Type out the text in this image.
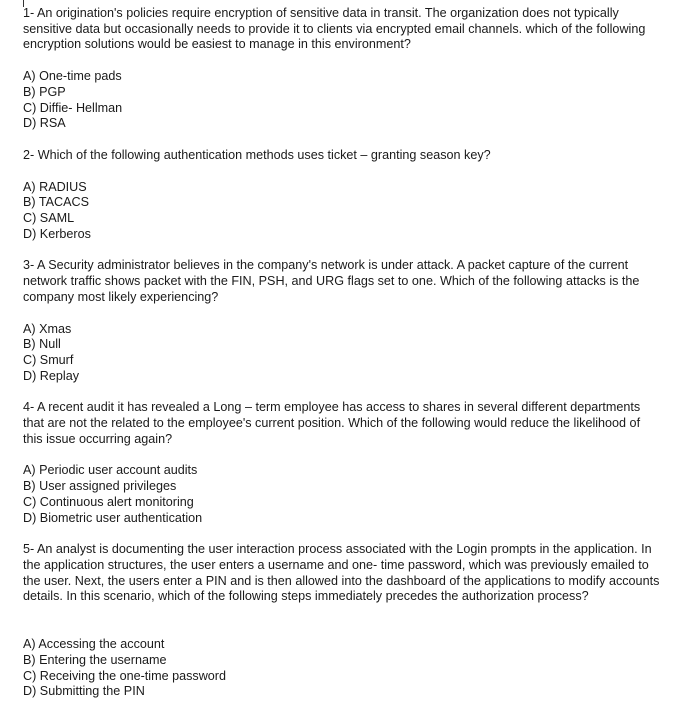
1- An origination's policies require encryption of sensitive data in transit. The organization does not typically sensitive data but occasionally needs to provide it to clients via encrypted email channels. which of the following encryption solutions would be easiest to manage in this environment?

A) One-time pads
B) PGP
C) Diffie- Hellman
D) RSA

2- Which of the following authentication methods uses ticket – granting season key?

A) RADIUS
B) TACACS
C) SAML
D) Kerberos

3- A Security administrator believes in the company's network is under attack. A packet capture of the current network traffic shows packet with the FIN, PSH, and URG flags set to one. Which of the following attacks is the company most likely experiencing?

A) Xmas
B) Null
C) Smurf
D) Replay

4- A recent audit it has revealed a Long – term employee has access to shares in several different departments that are not the related to the employee's current position. Which of the following would reduce the likelihood of this issue occurring again?

A) Periodic user account audits
B) User assigned privileges
C) Continuous alert monitoring
D) Biometric user authentication

5- An analyst is documenting the user interaction process associated with the Login prompts in the application. In the application structures, the user enters a username and one- time password, which was previously emailed to the user. Next, the users enter a PIN and is then allowed into the dashboard of the applications to modify accounts details. In this scenario, which of the following steps immediately precedes the authorization process?

A) Accessing the account
B) Entering the username
C) Receiving the one-time password
D) Submitting the PIN
